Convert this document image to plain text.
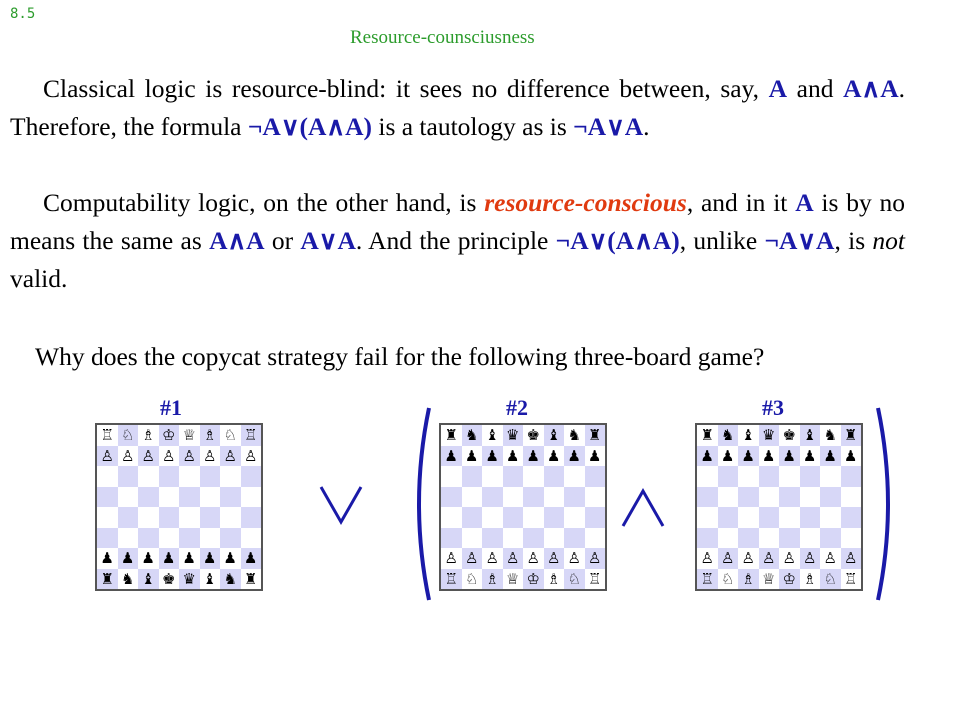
8.5
Resource-counsciusness

Classical logic is resource-blind: it sees no difference between, say, A and A∧A. Therefore, the formula ¬A∨(A∧A) is a tautology as is ¬A∨A.

Computability logic, on the other hand, is resource-conscious, and in it A is by no means the same as A∧A or A∨A. And the principle ¬A∨(A∧A), unlike ¬A∨A, is not valid.

Why does the copycat strategy fail for the following three-board game?
#1	#2	#3
♖ ♘ ♗ ♔ ♕ ♗ ♘ ♖
♙ ♙ ♙ ♙ ♙ ♙ ♙ ♙
♟ ♟ ♟ ♟ ♟ ♟ ♟ ♟
♜ ♞ ♝ ♚ ♛ ♝ ♞ ♜
♜ ♞ ♝ ♛ ♚ ♝ ♞ ♜
♟ ♟ ♟ ♟ ♟ ♟ ♟ ♟
♙ ♙ ♙ ♙ ♙ ♙ ♙ ♙
♖ ♘ ♗ ♕ ♔ ♗ ♘ ♖
♜ ♞ ♝ ♛ ♚ ♝ ♞ ♜
♟ ♟ ♟ ♟ ♟ ♟ ♟ ♟
♙ ♙ ♙ ♙ ♙ ♙ ♙ ♙
♖ ♘ ♗ ♕ ♔ ♗ ♘ ♖
